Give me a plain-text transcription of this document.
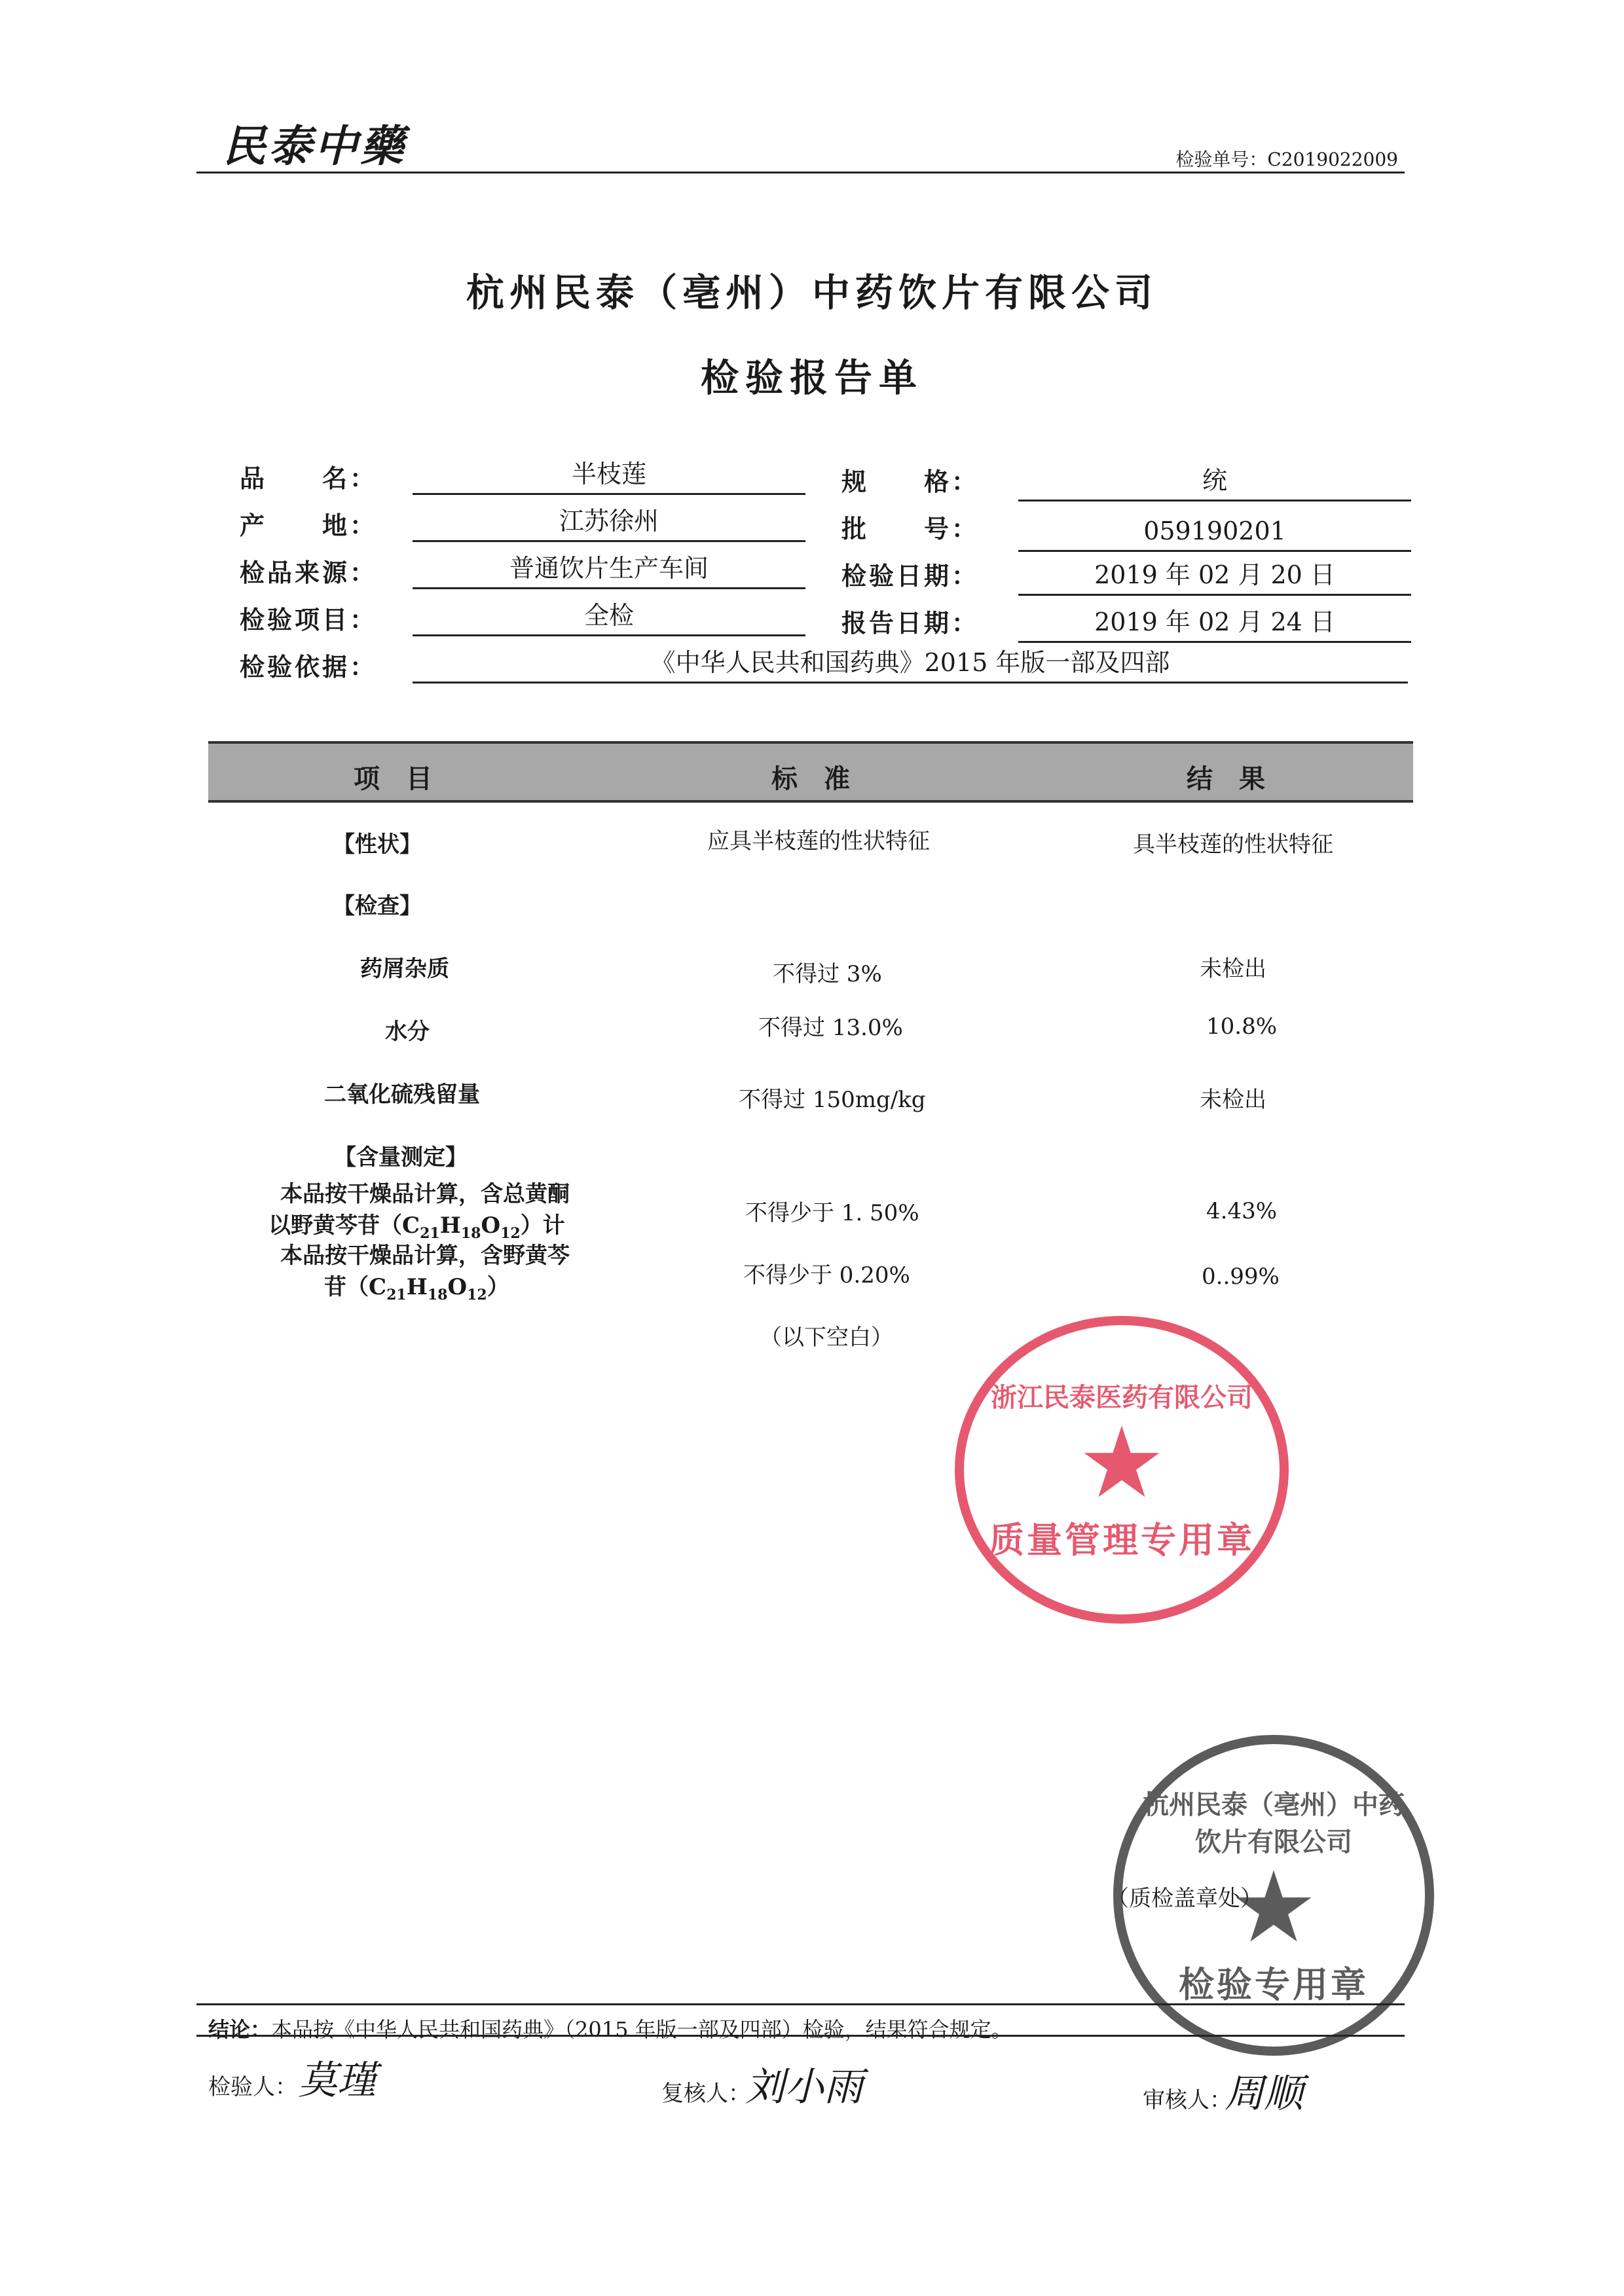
民泰中藥	检验单号：C2019022009
杭州民泰（亳州）中药饮片有限公司
检验报告单
品　　名：	半枝莲
产　　地：	江苏徐州
检品来源：	普通饮片生产车间
检验项目：	全检
检验依据：	《中华人民共和国药典》2015 年版一部及四部
规　　格：	统
批　　号：	059190201
检验日期：	2019 年 02 月 20 日
报告日期：	2019 年 02 月 24 日
项目	标准	结果
【性状】	应具半枝莲的性状特征	具半枝莲的性状特征
【检查】
药屑杂质	不得过 3%	未检出
水分	不得过 13.0%	10.8%
二氧化硫残留量	不得过 150mg/kg	未检出
【含量测定】
本品按干燥品计算，含总黄酮
以野黄芩苷$(C_{21}H_{18}O_{12})$计	不得少于 1. 50%	4.43%
本品按干燥品计算，含野黄芩
苷$(C_{21}H_{18}O_{12})$	不得少于 0.20%	0..99%
（以下空白）
浙江民泰医药有限公司
★
质量管理专用章
（质检盖章处）
杭州民泰（亳州）中药饮片有限公司
★
检验专用章
结论：本品按《中华人民共和国药典》（2015 年版一部及四部）检验，结果符合规定。
检验人： 莫瑾	复核人：
刘小雨	审核人：
周顺
